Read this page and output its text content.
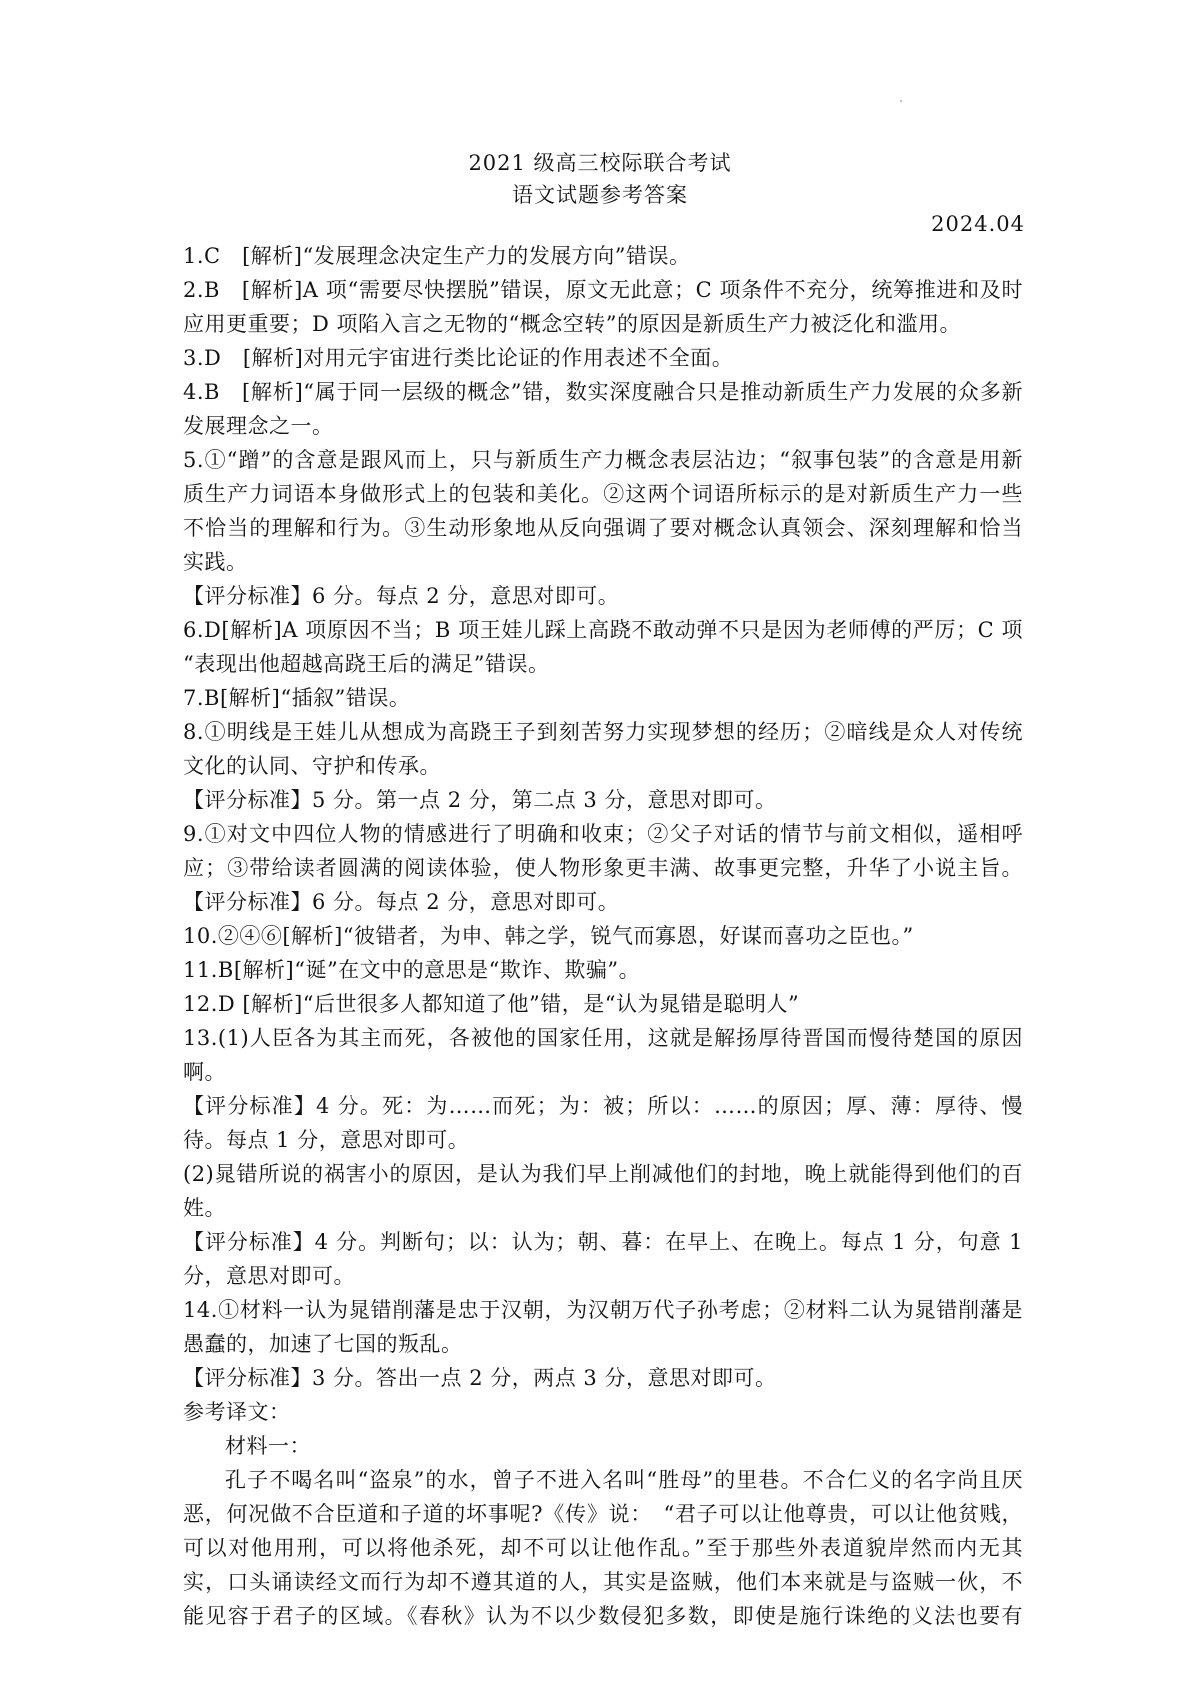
2021 级高三校际联合考试
语文试题参考答案
2024.04
1.C　[解析]“发展理念决定生产力的发展方向”错误。
2.B　[解析]A 项“需要尽快摆脱”错误，原文无此意；C 项条件不充分，统筹推进和及时
应用更重要；D 项陷入言之无物的“概念空转”的原因是新质生产力被泛化和滥用。
3.D　[解析]对用元宇宙进行类比论证的作用表述不全面。
4.B　[解析]“属于同一层级的概念”错，数实深度融合只是推动新质生产力发展的众多新
发展理念之一。
5.①“蹭”的含意是跟风而上，只与新质生产力概念表层沾边；“叙事包装”的含意是用新
质生产力词语本身做形式上的包装和美化。②这两个词语所标示的是对新质生产力一些
不恰当的理解和行为。③生动形象地从反向强调了要对概念认真领会、深刻理解和恰当
实践。
【评分标准】6 分。每点 2 分，意思对即可。
6.D[解析]A 项原因不当；B 项王娃儿踩上高跷不敢动弹不只是因为老师傅的严厉；C 项
“表现出他超越高跷王后的满足”错误。
7.B[解析]“插叙”错误。
8.①明线是王娃儿从想成为高跷王子到刻苦努力实现梦想的经历；②暗线是众人对传统
文化的认同、守护和传承。
【评分标准】5 分。第一点 2 分，第二点 3 分，意思对即可。
9.①对文中四位人物的情感进行了明确和收束；②父子对话的情节与前文相似，遥相呼
应；③带给读者圆满的阅读体验，使人物形象更丰满、故事更完整，升华了小说主旨。
【评分标准】6 分。每点 2 分，意思对即可。
10.②④⑥[解析]“彼错者，为申、韩之学，锐气而寡恩，好谋而喜功之臣也。”
11.B[解析]“诞”在文中的意思是“欺诈、欺骗”。
12.D [解析]“后世很多人都知道了他”错，是“认为晁错是聪明人”
13.(1)人臣各为其主而死，各被他的国家任用，这就是解扬厚待晋国而慢待楚国的原因
啊。
【评分标准】4 分。死：为……而死；为：被；所以：……的原因；厚、薄：厚待、慢
待。每点 1 分，意思对即可。
(2)晁错所说的祸害小的原因，是认为我们早上削减他们的封地，晚上就能得到他们的百
姓。
【评分标准】4 分。判断句；以：认为；朝、暮：在早上、在晚上。每点 1 分，句意 1
分，意思对即可。
14.①材料一认为晁错削藩是忠于汉朝，为汉朝万代子孙考虑；②材料二认为晁错削藩是
愚蠢的，加速了七国的叛乱。
【评分标准】3 分。答出一点 2 分，两点 3 分，意思对即可。
参考译文：
材料一：
孔子不喝名叫“盗泉”的水，曾子不进入名叫“胜母”的里巷。不合仁义的名字尚且厌
恶，何况做不合臣道和子道的坏事呢?《传》说：　“君子可以让他尊贵，可以让他贫贱，
可以对他用刑，可以将他杀死，却不可以让他作乱。”至于那些外表道貌岸然而内无其
实，口头诵读经文而行为却不遵其道的人，其实是盗贼，他们本来就是与盗贼一伙，不
能见容于君子的区域。《春秋》认为不以少数侵犯多数，即使是施行诛绝的义法也要有
